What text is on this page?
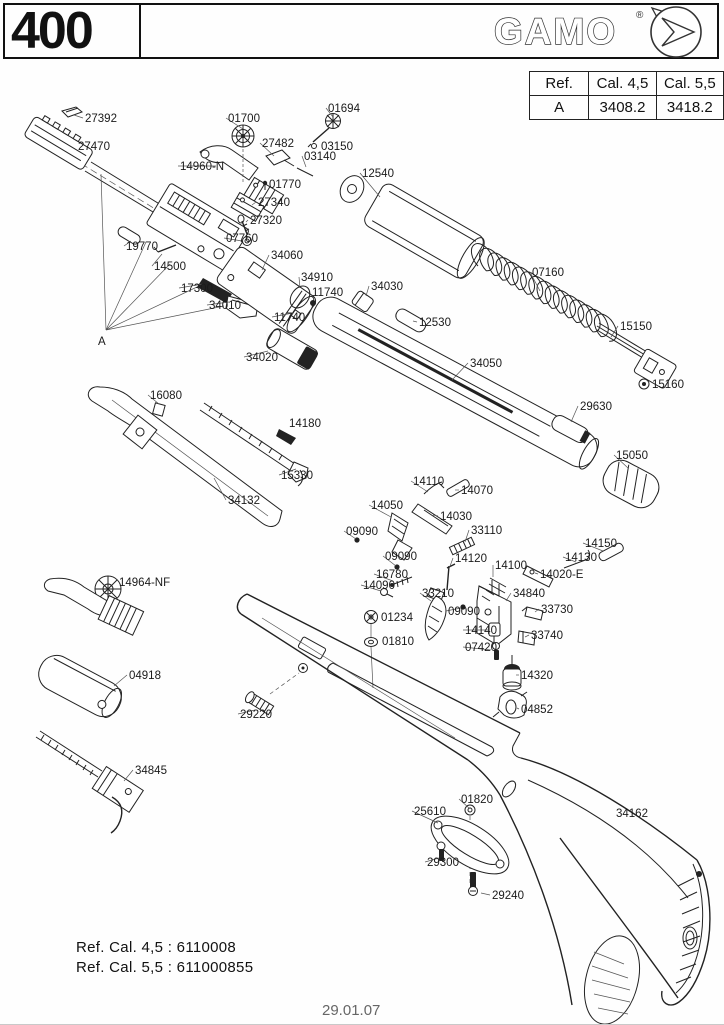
400	GAMO ®
Ref.	Cal. 4,5	Cal. 5,5
A	3408.2	3418.2
27392
27470
01700
01694
14960-N
27482 03150
03140
01770
27340
27320
07760
12540
19770
14500
17300
34010
A
34060
34910
11740
11740
34030
12530
34020
07160
15150
34050
15160
29630
15050
16080
14180
15330
34132
14110
14070
14050
14030
09090	33110
09090	14120
16780
14090
33210
14100
14150
14130
14020-E
34840
09090	33730
14140	33740
07420
01234
01810
14320
04852
14964-NF
04918
34845
29220
01820
25610	34162
29300
29240
Ref. Cal. 4,5 : 6110008
Ref. Cal. 5,5 : 611000855
29.01.07
